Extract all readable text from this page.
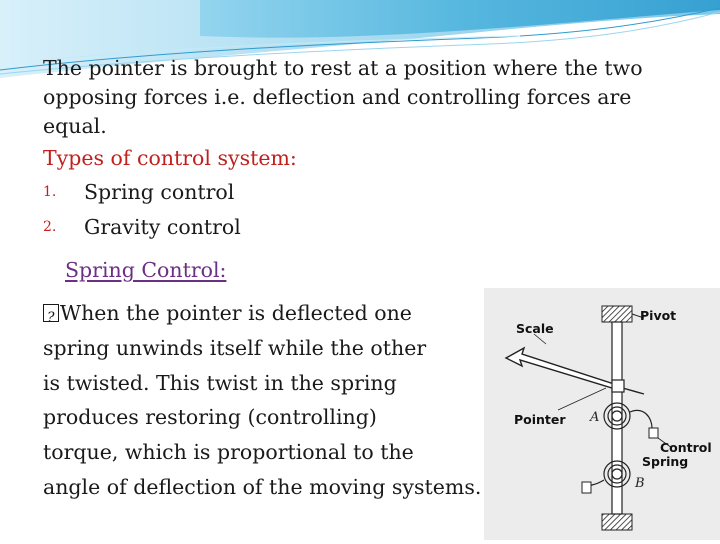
The pointer is brought to rest at a position where the two opposing forces i.e. deflection and controlling forces are equal.

Types of control system:

1. Spring control

2. Gravity control

Spring Control:
?When the pointer is deflected one
spring unwinds itself while the other
is twisted. This twist in the spring
produces restoring (controlling)
torque, which is proportional to the
angle of deflection of the moving systems.
Scale
Pivot
Pointer
Control
Spring
A
B
